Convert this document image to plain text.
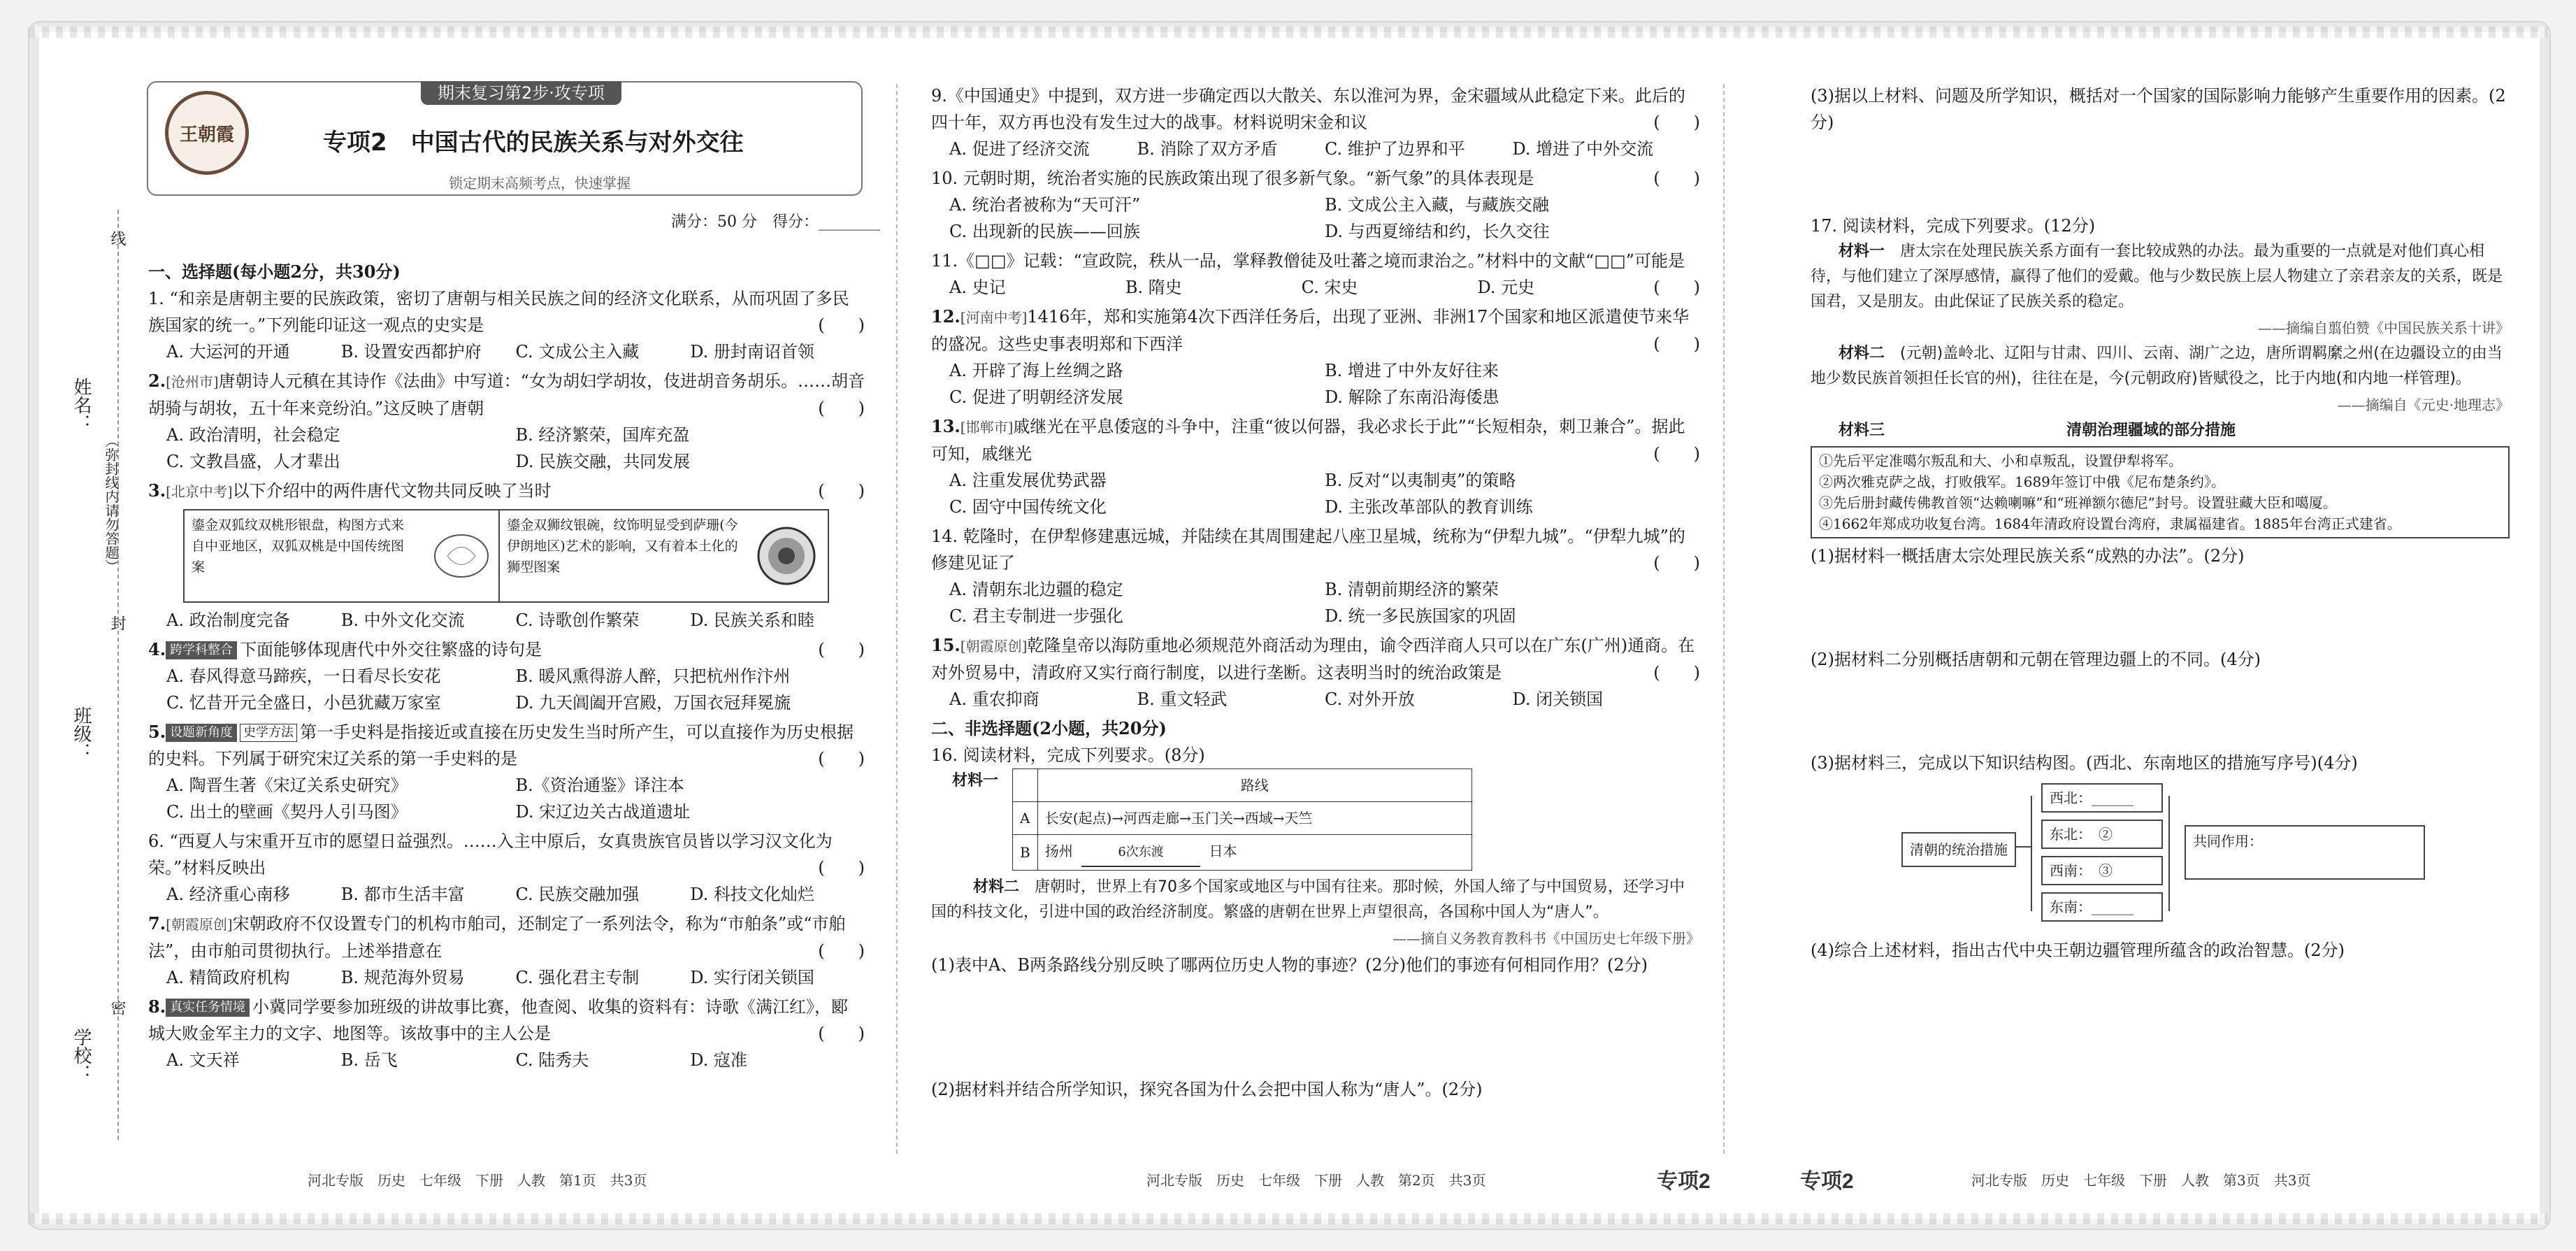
姓名：
班级：
学校：
（弥封线内请勿答题）
线
封
密
王朝霞
期末复习第2步·攻专项
专项2　中国古代的民族关系与对外交往
锁定期末高频考点，快速掌握
满分：50 分　得分：________

一、选择题(每小题2分，共30分)

1. “和亲是唐朝主要的民族政策，密切了唐朝与相关民族之间的经济文化联系，从而巩固了多民族国家的统一。”下列能印证这一观点的史实是	(　　)

A. 大运河的开通	B. 设置安西都护府	C. 文成公主入藏	D. 册封南诏首领

2.[沧州市]唐朝诗人元稹在其诗作《法曲》中写道：“女为胡妇学胡妆，伎进胡音务胡乐。……胡音胡骑与胡妆，五十年来竞纷泊。”这反映了唐朝	(　　)

A. 政治清明，社会稳定	B. 经济繁荣，国库充盈
C. 文教昌盛，人才辈出	D. 民族交融，共同发展

3.[北京中考]以下介绍中的两件唐代文物共同反映了当时	(　　)

鎏金双狐纹双桃形银盘，构图方式来自中亚地区，双狐双桃是中国传统图案
鎏金双狮纹银碗，纹饰明显受到萨珊(今伊朗地区)艺术的影响，又有着本土化的狮型图案
A. 政治制度完备	B. 中外文化交流	C. 诗歌创作繁荣	D. 民族关系和睦

4. 跨学科整合 下面能够体现唐代中外交往繁盛的诗句是	(　　)

A. 春风得意马蹄疾，一日看尽长安花	B. 暖风熏得游人醉，只把杭州作汴州
C. 忆昔开元全盛日，小邑犹藏万家室	D. 九天阊阖开宫殿，万国衣冠拜冕旒

5. 设题新角度 史学方法 第一手史料是指接近或直接在历史发生当时所产生，可以直接作为历史根据的史料。下列属于研究宋辽关系的第一手史料的是	(　　)

A. 陶晋生著《宋辽关系史研究》	B.《资治通鉴》译注本
C. 出土的壁画《契丹人引马图》	D. 宋辽边关古战道遗址

6. “西夏人与宋重开互市的愿望日益强烈。……入主中原后，女真贵族官员皆以学习汉文化为荣。”材料反映出	(　　)

A. 经济重心南移	B. 都市生活丰富	C. 民族交融加强	D. 科技文化灿烂

7.[朝霞原创]宋朝政府不仅设置专门的机构市舶司，还制定了一系列法令，称为“市舶条”或“市舶法”，由市舶司贯彻执行。上述举措意在	(　　)

A. 精简政府机构	B. 规范海外贸易	C. 强化君主专制	D. 实行闭关锁国

8. 真实任务情境 小冀同学要参加班级的讲故事比赛，他查阅、收集的资料有：诗歌《满江红》，郾城大败金军主力的文字、地图等。该故事中的主人公是	(　　)

A. 文天祥	B. 岳飞	C. 陆秀夫	D. 寇准

9.《中国通史》中提到，双方进一步确定西以大散关、东以淮河为界，金宋疆域从此稳定下来。此后的四十年，双方再也没有发生过大的战事。材料说明宋金和议	(　　)

A. 促进了经济交流	B. 消除了双方矛盾	C. 维护了边界和平	D. 增进了中外交流

10. 元朝时期，统治者实施的民族政策出现了很多新气象。“新气象”的具体表现是	(　　)

A. 统治者被称为“天可汗”	B. 文成公主入藏，与藏族交融
C. 出现新的民族——回族	D. 与西夏缔结和约，长久交往

11.《□□》记载：“宣政院，秩从一品，掌释教僧徒及吐蕃之境而隶治之。”材料中的文献“□□”可能是
(　　)

A. 史记	B. 隋史	C. 宋史	D. 元史

12.[河南中考]1416年，郑和实施第4次下西洋任务后，出现了亚洲、非洲17个国家和地区派遣使节来华的盛况。这些史事表明郑和下西洋	(　　)

A. 开辟了海上丝绸之路	B. 增进了中外友好往来
C. 促进了明朝经济发展	D. 解除了东南沿海倭患

13.[邯郸市]戚继光在平息倭寇的斗争中，注重“彼以何器，我必求长于此”“长短相杂，刺卫兼合”。据此可知，戚继光	(　　)

A. 注重发展优势武器	B. 反对“以夷制夷”的策略
C. 固守中国传统文化	D. 主张改革部队的教育训练

14. 乾隆时，在伊犁修建惠远城，并陆续在其周围建起八座卫星城，统称为“伊犁九城”。“伊犁九城”的修建见证了	(　　)

A. 清朝东北边疆的稳定	B. 清朝前期经济的繁荣
C. 君主专制进一步强化	D. 统一多民族国家的巩固

15.[朝霞原创]乾隆皇帝以海防重地必须规范外商活动为理由，谕令西洋商人只可以在广东(广州)通商。在对外贸易中，清政府又实行商行制度，以进行垄断。这表明当时的统治政策是	(　　)

A. 重农抑商	B. 重文轻武	C. 对外开放	D. 闭关锁国

二、非选择题(2小题，共20分)

16. 阅读材料，完成下列要求。(8分)

材料一
		路线
A	长安(起点)→河西走廊→玉门关→西域→天竺
B	扬州 6次东渡 日本

材料二　 唐朝时，世界上有70多个国家或地区与中国有往来。那时候，外国人缔了与中国贸易，还学习中国的科技文化，引进中国的政治经济制度。繁盛的唐朝在世界上声望很高，各国称中国人为“唐人”。

——摘自义务教育教科书《中国历史七年级下册》

(1)表中A、B两条路线分别反映了哪两位历史人物的事迹？(2分)他们的事迹有何相同作用？(2分)

(2)据材料并结合所学知识，探究各国为什么会把中国人称为“唐人”。(2分)

(3)据以上材料、问题及所学知识，概括对一个国家的国际影响力能够产生重要作用的因素。(2分)

17. 阅读材料，完成下列要求。(12分)

材料一　 唐太宗在处理民族关系方面有一套比较成熟的办法。最为重要的一点就是对他们真心相待，与他们建立了深厚感情，赢得了他们的爱戴。他与少数民族上层人物建立了亲君亲友的关系，既是国君，又是朋友。由此保证了民族关系的稳定。

——摘编自翦伯赞《中国民族关系十讲》

材料二　 (元朝)盖岭北、辽阳与甘肃、四川、云南、湖广之边，唐所谓羁縻之州(在边疆设立的由当地少数民族首领担任长官的州)，往往在是，今(元朝政府)皆赋役之，比于内地(和内地一样管理)。

——摘编自《元史·地理志》

材料三	清朝治理疆域的部分措施

①先后平定准噶尔叛乱和大、小和卓叛乱，设置伊犁将军。
②两次雅克萨之战，打败俄军。1689年签订中俄《尼布楚条约》。
③先后册封藏传佛教首领“达赖喇嘛”和“班禅额尔德尼”封号。设置驻藏大臣和噶厦。
④1662年郑成功收复台湾。1684年清政府设置台湾府，隶属福建省。1885年台湾正式建省。

(1)据材料一概括唐太宗处理民族关系“成熟的办法”。(2分)

(2)据材料二分别概括唐朝和元朝在管理边疆上的不同。(4分)

(3)据材料三，完成以下知识结构图。(西北、东南地区的措施写序号)(4分)

清朝的统治措施
西北：______
东北：　②
西南：　③
东南：______
共同作用：

(4)综合上述材料，指出古代中央王朝边疆管理所蕴含的政治智慧。(2分)

河北专版　历史　七年级　下册　人教　第1页　共3页	河北专版　历史　七年级　下册　人教　第2页　共3页	专项2	专项2	河北专版　历史　七年级　下册　人教　第3页　共3页
